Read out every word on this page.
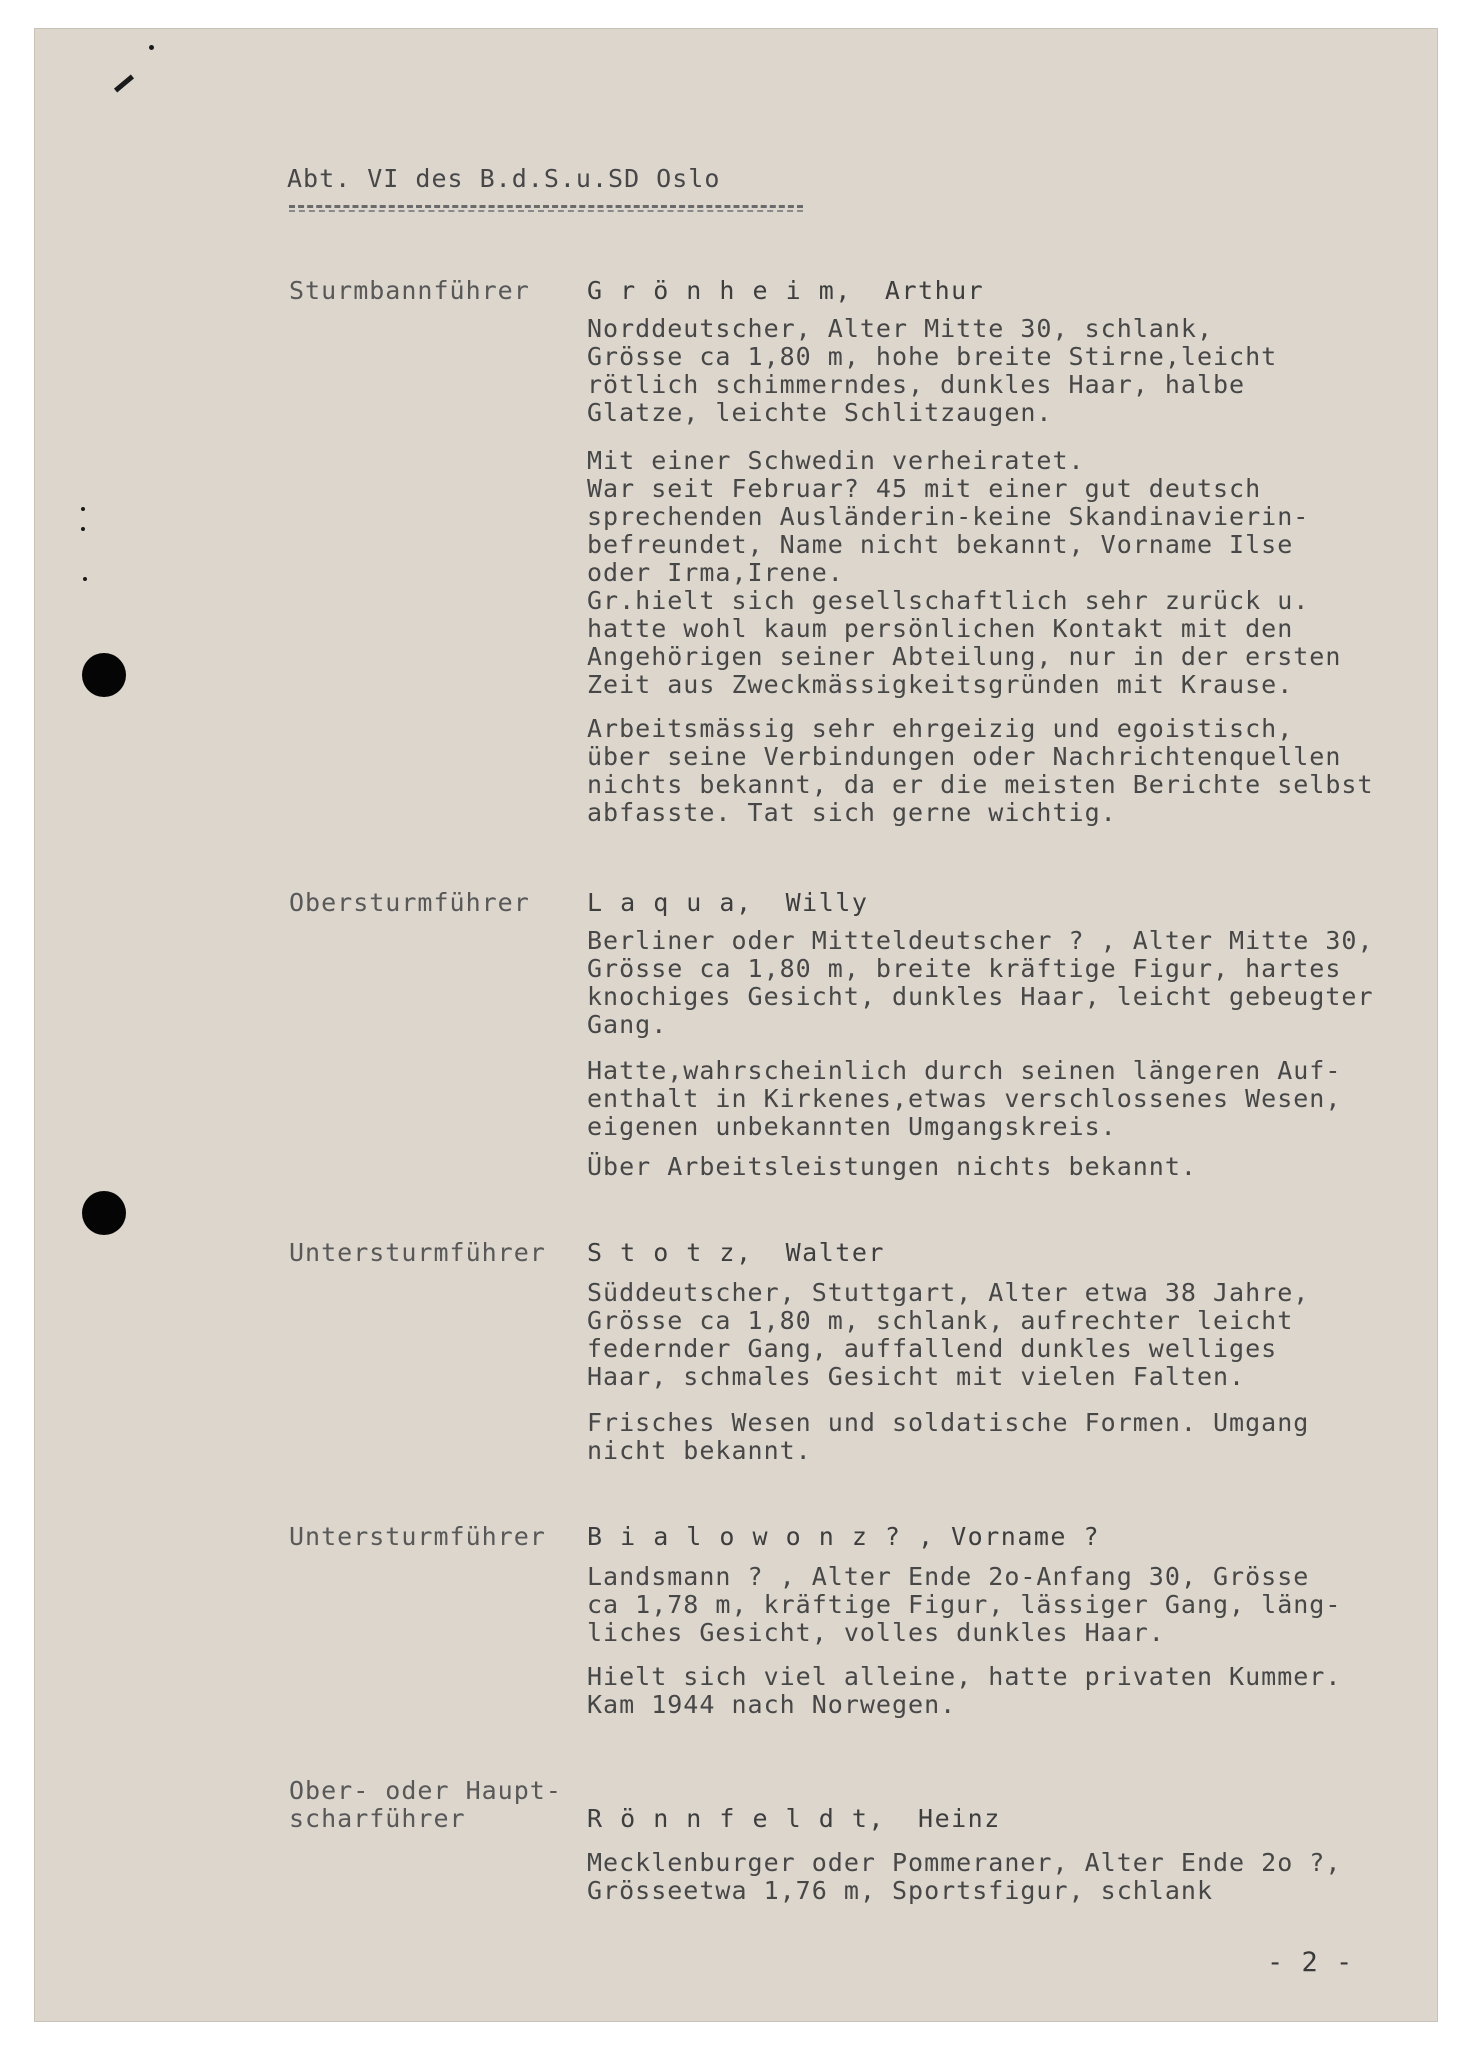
Abt. VI des B.d.S.u.SD Oslo
Sturmbannführer G r ö n h e i m,  Arthur
Norddeutscher, Alter Mitte 30, schlank,
Grösse ca 1,80 m, hohe breite Stirne,leicht
rötlich schimmerndes, dunkles Haar, halbe
Glatze, leichte Schlitzaugen.
Mit einer Schwedin verheiratet.
War seit Februar? 45 mit einer gut deutsch
sprechenden Ausländerin-keine Skandinavierin-
befreundet, Name nicht bekannt, Vorname Ilse
oder Irma,Irene.
Gr.hielt sich gesellschaftlich sehr zurück u.
hatte wohl kaum persönlichen Kontakt mit den
Angehörigen seiner Abteilung, nur in der ersten
Zeit aus Zweckmässigkeitsgründen mit Krause.
Arbeitsmässig sehr ehrgeizig und egoistisch,
über seine Verbindungen oder Nachrichtenquellen
nichts bekannt, da er die meisten Berichte selbst
abfasste. Tat sich gerne wichtig.
Obersturmführer L a q u a,  Willy
Berliner oder Mitteldeutscher ? , Alter Mitte 30,
Grösse ca 1,80 m, breite kräftige Figur, hartes
knochiges Gesicht, dunkles Haar, leicht gebeugter
Gang.
Hatte,wahrscheinlich durch seinen längeren Auf-
enthalt in Kirkenes,etwas verschlossenes Wesen,
eigenen unbekannten Umgangskreis.
Über Arbeitsleistungen nichts bekannt.
Untersturmführer S t o t z,  Walter
Süddeutscher, Stuttgart, Alter etwa 38 Jahre,
Grösse ca 1,80 m, schlank, aufrechter leicht
federnder Gang, auffallend dunkles welliges
Haar, schmales Gesicht mit vielen Falten.
Frisches Wesen und soldatische Formen. Umgang
nicht bekannt.
Untersturmführer B i a l o w o n z ? , Vorname ?
Landsmann ? , Alter Ende 2o-Anfang 30, Grösse
ca 1,78 m, kräftige Figur, lässiger Gang, läng-
liches Gesicht, volles dunkles Haar.
Hielt sich viel alleine, hatte privaten Kummer.
Kam 1944 nach Norwegen.
Ober- oder Haupt-
scharführer	R ö n n f e l d t,  Heinz
Mecklenburger oder Pommeraner, Alter Ende 2o ?,
Grösseetwa 1,76 m, Sportsfigur, schlank
- 2 -
